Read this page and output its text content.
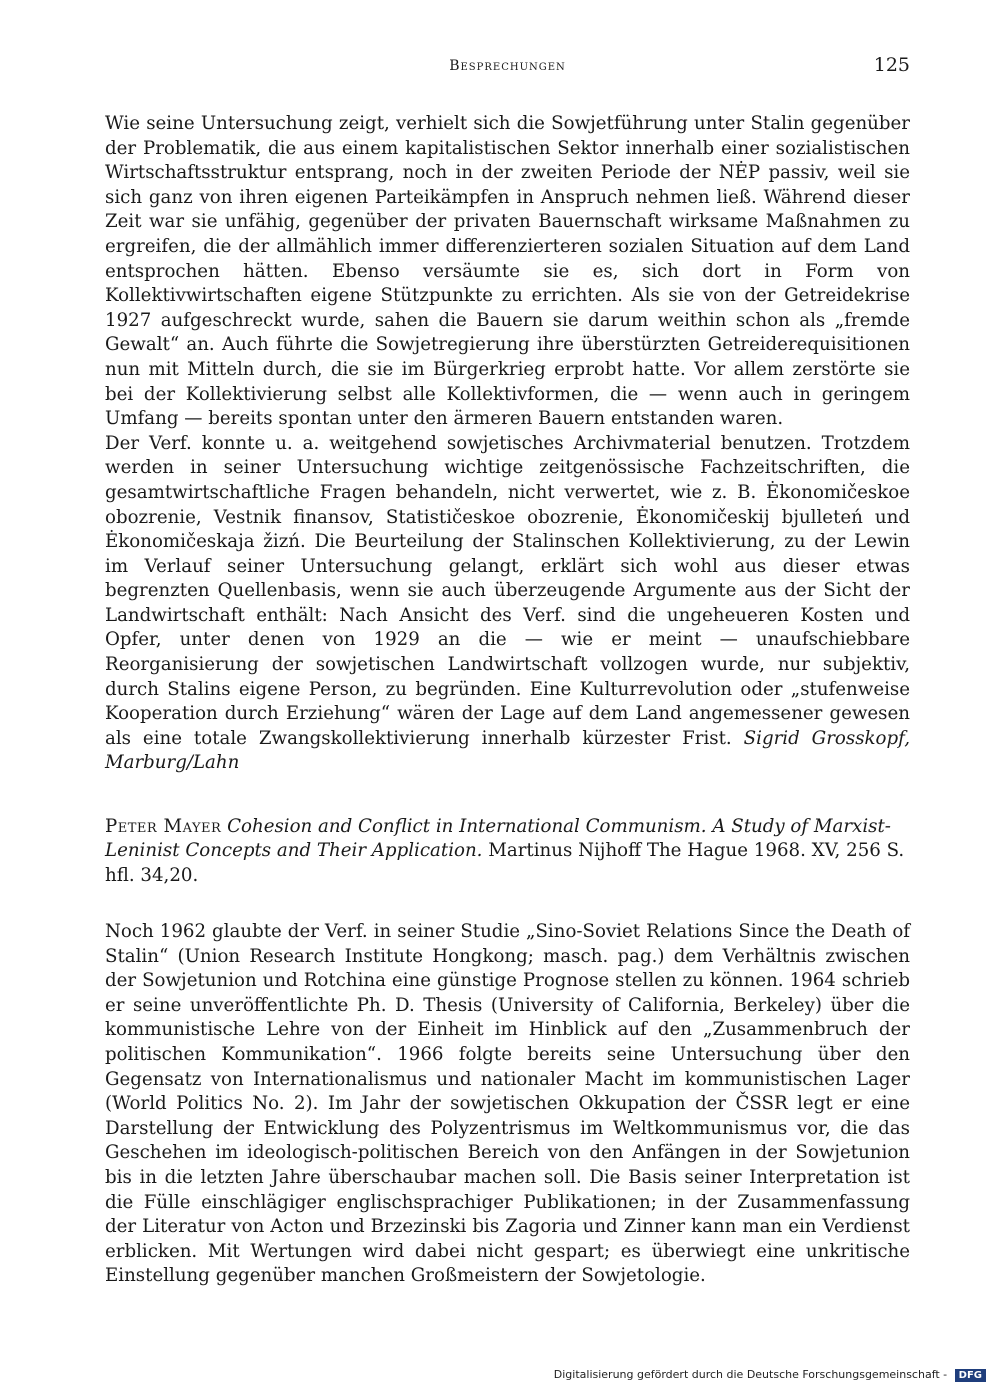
Besprechungen	125

Wie seine Untersuchung zeigt, verhielt sich die Sowjetführung unter Stalin gegenüber der Problematik, die aus einem kapitalistischen Sektor innerhalb einer sozialistischen Wirtschaftsstruktur entsprang, noch in der zweiten Periode der NĖP passiv, weil sie sich ganz von ihren eigenen Parteikämpfen in Anspruch nehmen ließ. Während dieser Zeit war sie unfähig, gegenüber der privaten Bauernschaft wirksame Maßnahmen zu ergreifen, die der allmählich immer differenzierteren sozialen Situation auf dem Land entsprochen hätten. Ebenso versäumte sie es, sich dort in Form von Kollektivwirtschaften eigene Stützpunkte zu errichten. Als sie von der Getreidekrise 1927 aufgeschreckt wurde, sahen die Bauern sie darum weithin schon als „fremde Gewalt“ an. Auch führte die Sowjetregierung ihre überstürzten Getreiderequisitionen nun mit Mitteln durch, die sie im Bürgerkrieg erprobt hatte. Vor allem zerstörte sie bei der Kollektivierung selbst alle Kollektivformen, die — wenn auch in geringem Umfang — bereits spontan unter den ärmeren Bauern entstanden waren.

Der Verf. konnte u. a. weitgehend sowjetisches Archivmaterial benutzen. Trotzdem werden in seiner Untersuchung wichtige zeitgenössische Fachzeitschriften, die gesamtwirtschaftliche Fragen behandeln, nicht verwertet, wie z. B. Ėkonomičeskoe obozrenie, Vestnik finansov, Statističeskoe obozrenie, Ėkonomičeskij bjulleteń und Ėkonomičeskaja žizń. Die Beurteilung der Stalinschen Kollektivierung, zu der Lewin im Verlauf seiner Untersuchung gelangt, erklärt sich wohl aus dieser etwas begrenzten Quellenbasis, wenn sie auch überzeugende Argumente aus der Sicht der Landwirtschaft enthält: Nach Ansicht des Verf. sind die ungeheueren Kosten und Opfer, unter denen von 1929 an die — wie er meint — unaufschiebbare Reorganisierung der sowjetischen Landwirtschaft vollzogen wurde, nur subjektiv, durch Stalins eigene Person, zu begründen. Eine Kulturrevolution oder „stufenweise Kooperation durch Erziehung“ wären der Lage auf dem Land angemessener gewesen als eine totale Zwangskollektivierung innerhalb kürzester Frist. Sigrid Grosskopf, Marburg/Lahn

Peter Mayer Cohesion and Conflict in International Communism. A Study of Marxist-Leninist Concepts and Their Application. Martinus Nijhoff The Hague 1968. XV, 256 S. hfl. 34,20.

Noch 1962 glaubte der Verf. in seiner Studie „Sino-Soviet Relations Since the Death of Stalin“ (Union Research Institute Hongkong; masch. pag.) dem Verhältnis zwischen der Sowjetunion und Rotchina eine günstige Prognose stellen zu können. 1964 schrieb er seine unveröffentlichte Ph. D. Thesis (University of California, Berkeley) über die kommunistische Lehre von der Einheit im Hinblick auf den „Zusammenbruch der politischen Kommunikation“. 1966 folgte bereits seine Untersuchung über den Gegensatz von Internationalismus und nationaler Macht im kommunistischen Lager (World Politics No. 2). Im Jahr der sowjetischen Okkupation der ČSSR legt er eine Darstellung der Entwicklung des Polyzentrismus im Weltkommunismus vor, die das Geschehen im ideologisch-politischen Bereich von den Anfängen in der Sowjetunion bis in die letzten Jahre überschaubar machen soll. Die Basis seiner Interpretation ist die Fülle einschlägiger englischsprachiger Publikationen; in der Zusammenfassung der Literatur von Acton und Brzezinski bis Zagoria und Zinner kann man ein Verdienst erblicken. Mit Wertungen wird dabei nicht gespart; es überwiegt eine unkritische Einstellung gegenüber manchen Großmeistern der Sowjetologie.

Digitalisierung gefördert durch die Deutsche Forschungsgemeinschaft - DFG
